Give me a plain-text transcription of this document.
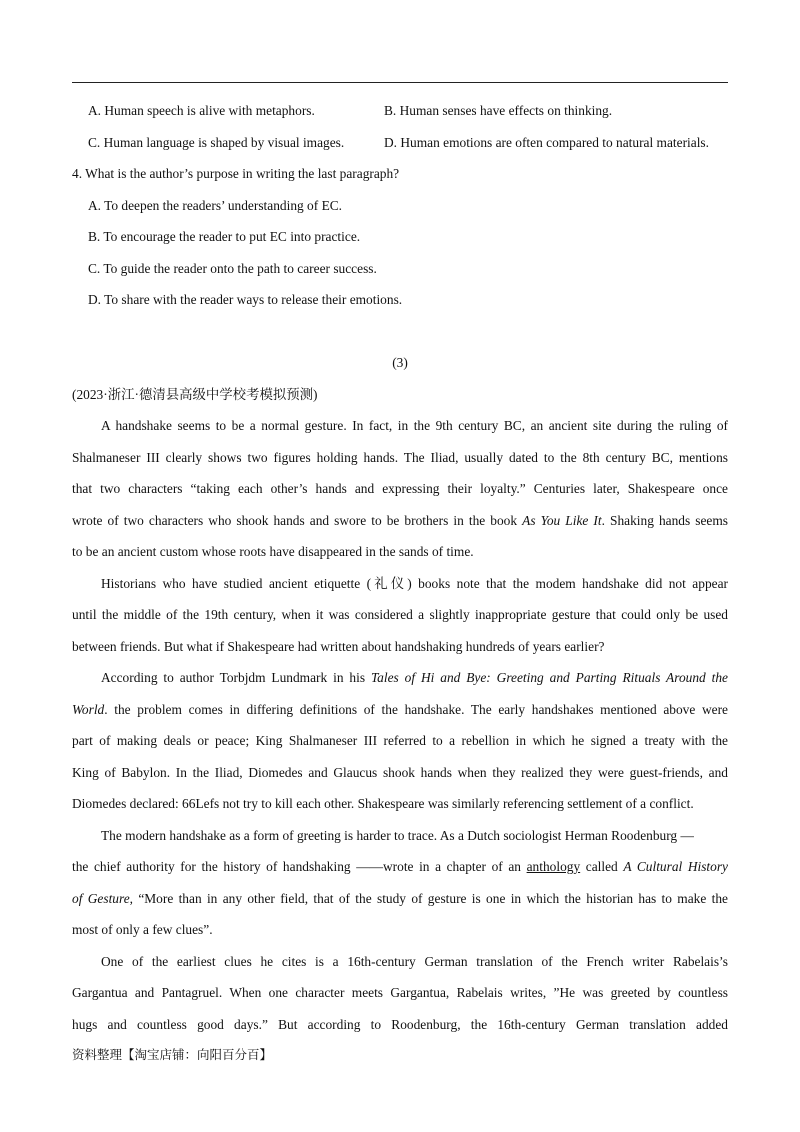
A. Human speech is alive with metaphors.	B. Human senses have effects on thinking.
C. Human language is shaped by visual images.	D. Human emotions are often compared to natural materials.
4. What is the author’s purpose in writing the last paragraph?
A. To deepen the readers’ understanding of EC.
B. To encourage the reader to put EC into practice.
C. To guide the reader onto the path to career success.
D. To share with the reader ways to release their emotions.
(3)
(2023·浙江·德清县高级中学校考模拟预测)
A handshake seems to be a normal gesture. In fact, in the 9th century BC, an ancient site during the ruling of
Shalmaneser III clearly shows two figures holding hands. The Iliad, usually dated to the 8th century BC, mentions
that two characters “taking each other’s hands and expressing their loyalty.” Centuries later, Shakespeare once
wrote of two characters who shook hands and swore to be brothers in the book As You Like It. Shaking hands seems
to be an ancient custom whose roots have disappeared in the sands of time.
Historians who have studied ancient etiquette (礼仪) books note that the modem handshake did not appear
until the middle of the 19th century, when it was considered a slightly inappropriate gesture that could only be used
between friends. But what if Shakespeare had written about handshaking hundreds of years earlier?
According to author Torbjdm Lundmark in his Tales of Hi and Bye: Greeting and Parting Rituals Around the
World. the problem comes in differing definitions of the handshake. The early handshakes mentioned above were
part of making deals or peace; King Shalmaneser III referred to a rebellion in which he signed a treaty with the
King of Babylon. In the Iliad, Diomedes and Glaucus shook hands when they realized they were guest-friends, and
Diomedes declared: 66Lefs not try to kill each other. Shakespeare was similarly referencing settlement of a conflict.
The modern handshake as a form of greeting is harder to trace. As a Dutch sociologist Herman Roodenburg —
the chief authority for the history of handshaking ——wrote in a chapter of an anthology called A Cultural History
of Gesture, “More than in any other field, that of the study of gesture is one in which the historian has to make the
most of only a few clues”.
One of the earliest clues he cites is a 16th-century German translation of the French writer Rabelais’s
Gargantua and Pantagruel. When one character meets Gargantua, Rabelais writes, ”He was greeted by countless
hugs and countless good days.” But according to Roodenburg, the 16th-century German translation added
资料整理【淘宝店铺：向阳百分百】
